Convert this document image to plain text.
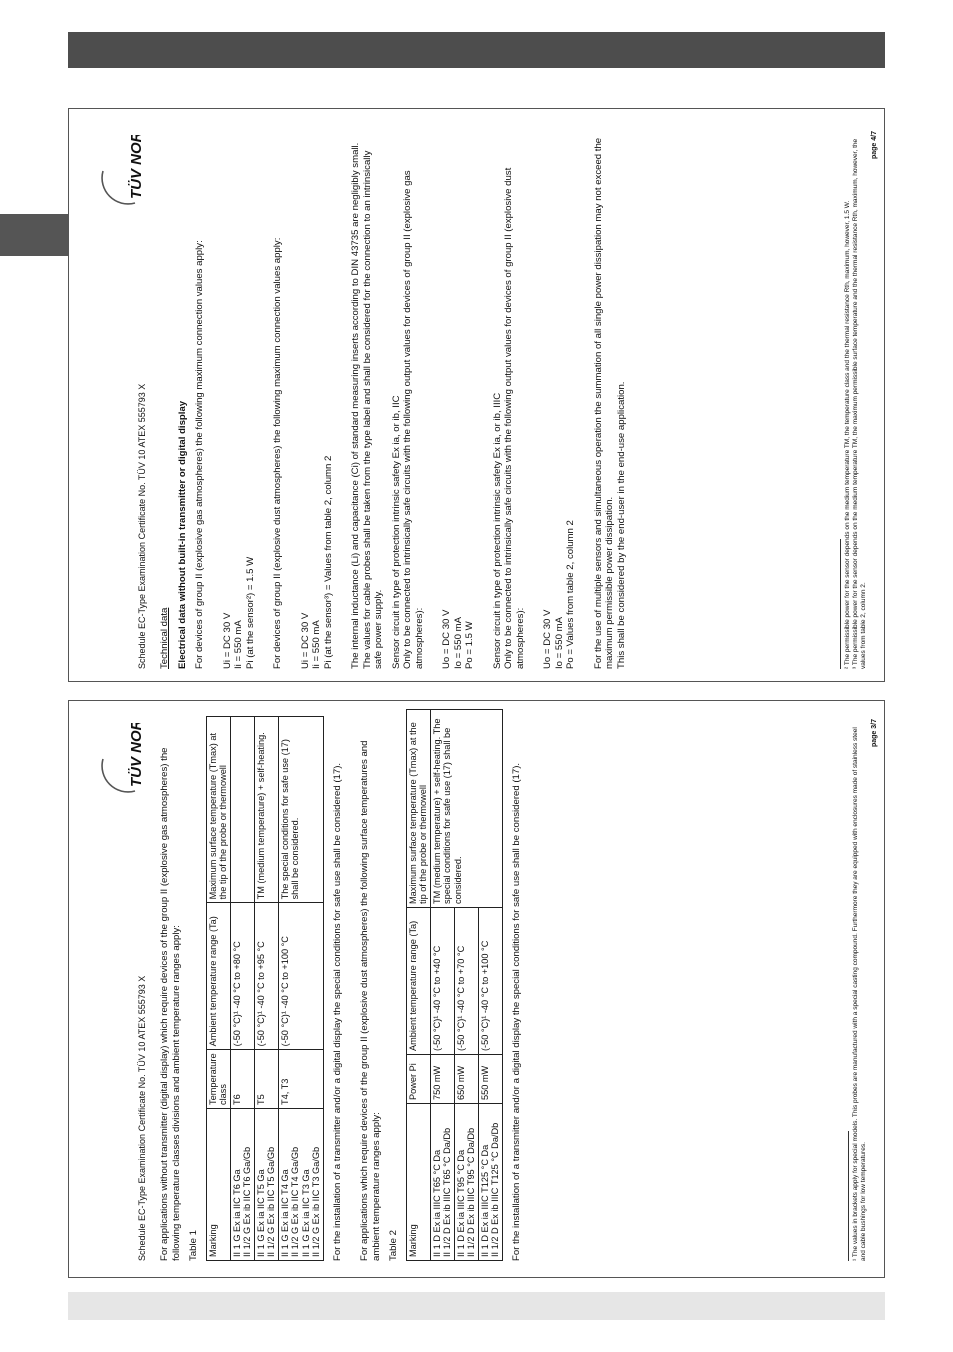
Schedule EC-Type Examination Certificate No. TÜV 10 ATEX 555793 X
TÜV NORD

Technical data Electrical data without built-in transmitter or digital display For devices of group II (explosive gas atmospheres) the following maximum connection values apply: Ui = DC 30 V Ii = 550 mA Pi (at the sensor²) = 1.5 W For devices of group II (explosive dust atmospheres) the following maximum connection values apply: Ui = DC 30 V Ii = 550 mA Pi (at the sensor³) = Values from table 2, column 2 The internal inductance (Li) and capacitance (Ci) of standard measuring inserts according to DIN 43735 are negligibly small. The values for cable probes shall be taken from the type label and shall be considered for the connection to an intrinsically safe power supply. Sensor circuit in type of protection intrinsic safety Ex ia, or ib, IIC Only to be connected to intrinsically safe circuits with the following output values for devices of group II (explosive gas atmospheres): Uo = DC 30 V Io = 550 mA Po = 1.5 W Sensor circuit in type of protection intrinsic safety Ex ia, or ib, IIIC Only to be connected to intrinsically safe circuits with the following output values for devices of group II (explosive dust atmospheres): Uo = DC 30 V Io = 550 mA Po = Values from table 2, column 2 For the use of multiple sensors and simultaneous operation the summation of all single power dissipation may not exceed the maximum permissible power dissipation. This shall be considered by the end-user in the end-use application.	² The permissible power for the sensor depends on the medium temperature TM, the temperature class and the thermal resistance Rth, maximum, however, 1.5 W. ³ The permissible power for the sensor depends on the medium temperature TM, the maximum permissible surface temperature and the thermal resistance Rth, maximum, however, the values from table 2, column 2.
page 4/7
Schedule EC-Type Examination Certificate No. TÜV 10 ATEX 555793 X
TÜV NORD For applications without transmitter (digital display) which require devices of the group II (explosive gas atmospheres) the following temperature classes divisions and ambient temperature ranges apply: Table 1 Marking	Temperature class	Ambient temperature range (Ta)	Maximum surface temperature (Tmax) at the tip of the probe or thermowell

II 1 G Ex ia IIC T6 Ga II 1/2 G Ex ib IIC T6 Ga/Gb	T6	(-50 °C)¹ -40 °C to +80 °C	

II 1 G Ex ia IIC T5 Ga II 1/2 G Ex ib IIC T5 Ga/Gb	T5	(-50 °C)¹ -40 °C to +95 °C	TM (medium temperature) + self-heating.

II 1 G Ex ia IIC T4 Ga II 1/2 G Ex ib IIC T4 Ga/Gb II 1 G Ex ia IIC T3 Ga II 1/2 G Ex ib IIC T3 Ga/Gb	T4, T3	(-50 °C)¹ -40 °C to +100 °C	The special conditions for safe use (17) shall be considered.	For the installation of a transmitter and/or a digital display the special conditions for safe use shall be considered (17). For applications which require devices of the group II (explosive dust atmospheres) the following surface temperatures and ambient temperature ranges apply: Table 2 Marking	Power Pi	Ambient temperature range (Ta)	Maximum surface temperature (Tmax) at the tip of the probe or thermowell

II 1 D Ex ia IIIC T65 °C Da II 1/2 D Ex ib IIIC T65 °C Da/Db	750 mW	(-50 °C)¹ -40 °C to +40 °C	TM (medium temperature) + self-heating. The special conditions for safe use (17) shall be considered.

II 1 D Ex ia IIIC T95 °C Da II 1/2 D Ex ib IIIC T95 °C Da/Db	650 mW	(-50 °C)¹ -40 °C to +70 °C	

II 1 D Ex ia IIIC T125 °C Da II 1/2 D Ex ib IIIC T125 °C Da/Db	550 mW	(-50 °C)¹ -40 °C to +100 °C	For the installation of a transmitter and/or a digital display the special conditions for safe use shall be considered (17).	¹ The values in brackets apply for special models. This probes are manufactured with a special casting compound. Furthermore they are equipped with enclosures made of stainless steel and cable bushings for low temperatures.
page 3/7
